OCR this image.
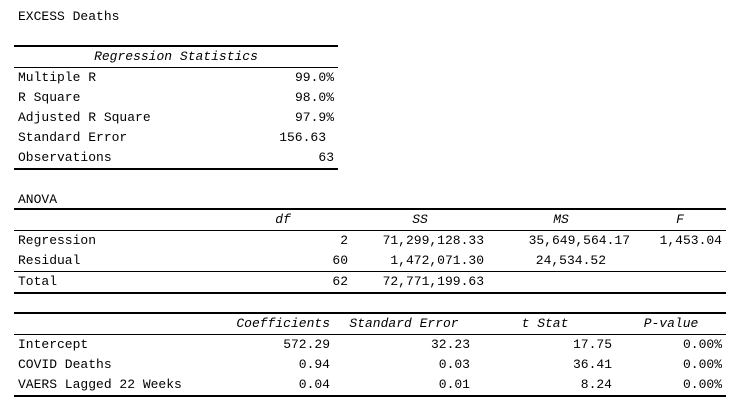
EXCESS Deaths
Regression Statistics	
Multiple R	99.0%
R Square	98.0%
Adjusted R Square	97.9%
Standard Error	156.63
Observations	63
ANOVA
	df	SS	MS	F
Regression	2	71,299,128.33	35,649,564.17	1,453.04
Residual	60	1,472,071.30	24,534.52	
Total	62	72,771,199.63		
	Coefficients	Standard Error	t Stat	P-value
Intercept	572.29	32.23	17.75	0.00%
COVID Deaths	0.94	0.03	36.41	0.00%
VAERS Lagged 22 Weeks	0.04	0.01	8.24	0.00%
